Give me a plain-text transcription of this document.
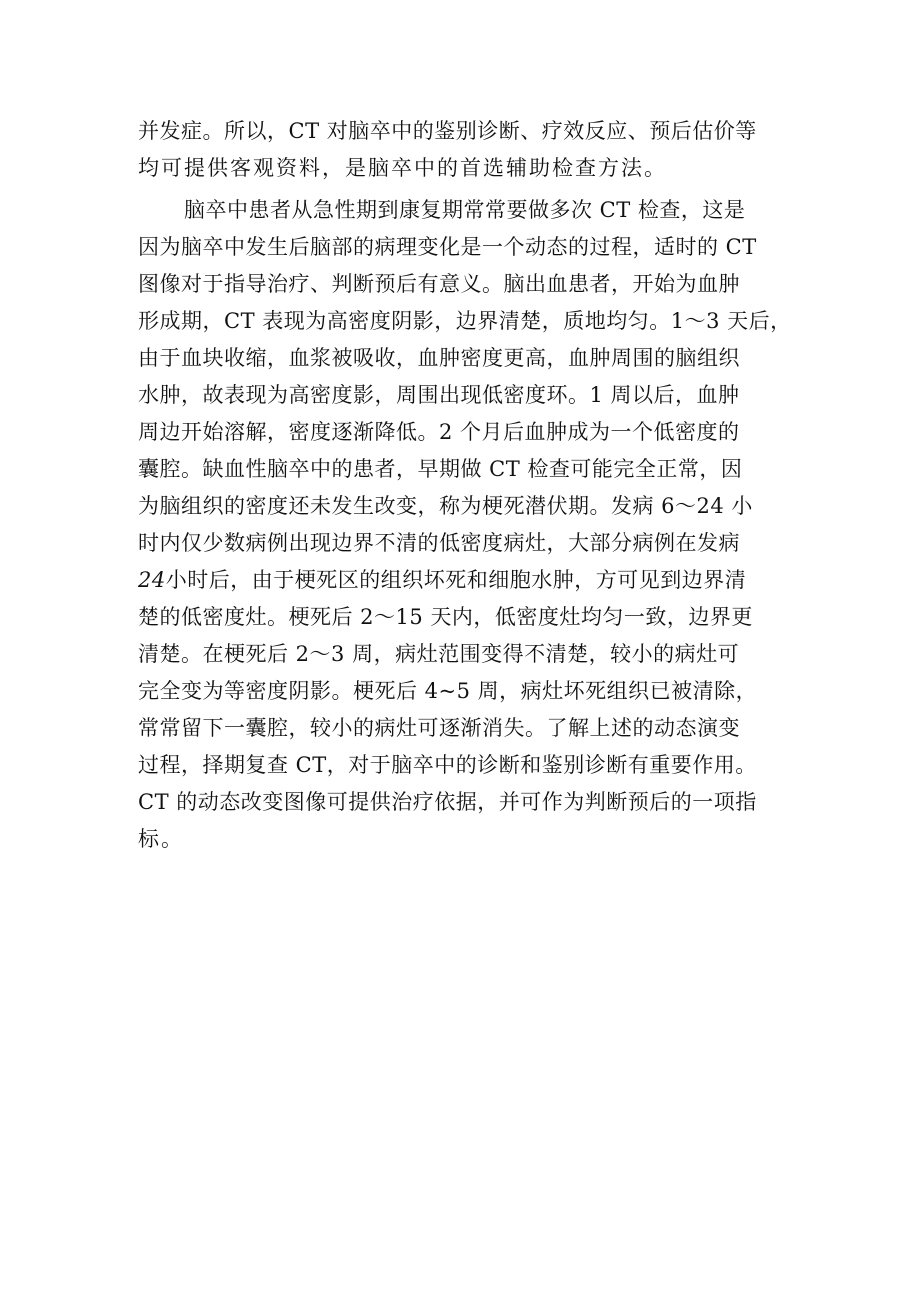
并发症。所以，CT 对脑卒中的鉴别诊断、疗效反应、预后估价等
均可提供客观资料，是脑卒中的首选辅助检查方法。
脑卒中患者从急性期到康复期常常要做多次 CT 检查，这是
因为脑卒中发生后脑部的病理变化是一个动态的过程，适时的 CT
图像对于指导治疗、判断预后有意义。脑出血患者，开始为血肿
形成期，CT 表现为高密度阴影，边界清楚，质地均匀。1～3 天后，
由于血块收缩，血浆被吸收，血肿密度更高，血肿周围的脑组织
水肿，故表现为高密度影，周围出现低密度环。1 周以后，血肿
周边开始溶解，密度逐渐降低。2 个月后血肿成为一个低密度的
囊腔。缺血性脑卒中的患者，早期做 CT 检查可能完全正常，因
为脑组织的密度还未发生改变，称为梗死潜伏期。发病 6～24 小
时内仅少数病例出现边界不清的低密度病灶，大部分病例在发病
24小时后，由于梗死区的组织坏死和细胞水肿，方可见到边界清
楚的低密度灶。梗死后 2～15 天内，低密度灶均匀一致，边界更
清楚。在梗死后 2～3 周，病灶范围变得不清楚，较小的病灶可
完全变为等密度阴影。梗死后 4~5 周，病灶坏死组织已被清除，
常常留下一囊腔，较小的病灶可逐渐消失。了解上述的动态演变
过程，择期复查 CT，对于脑卒中的诊断和鉴别诊断有重要作用。
CT 的动态改变图像可提供治疗依据，并可作为判断预后的一项指
标。
